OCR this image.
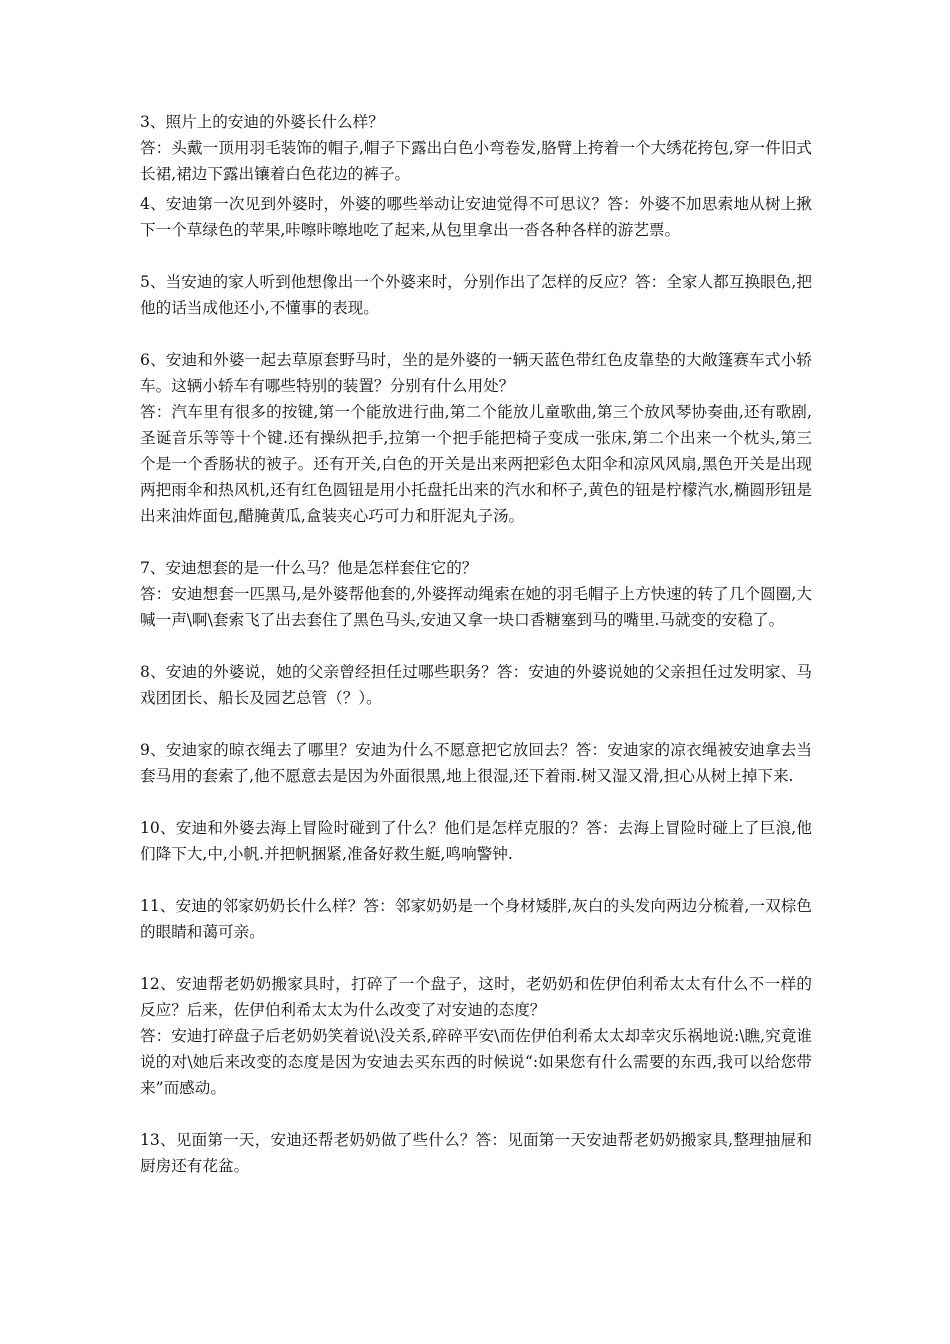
3、照片上的安迪的外婆长什么样？

答：头戴一顶用羽毛装饰的帽子,帽子下露出白色小弯卷发,胳臂上挎着一个大绣花挎包,穿一件旧式长裙,裙边下露出镶着白色花边的裤子。

4、安迪第一次见到外婆时，外婆的哪些举动让安迪觉得不可思议？答：外婆不加思索地从树上揪下一个草绿色的苹果,咔嚓咔嚓地吃了起来,从包里拿出一沓各种各样的游艺票。

5、当安迪的家人听到他想像出一个外婆来时，分别作出了怎样的反应？答：全家人都互换眼色,把他的话当成他还小,不懂事的表现。

6、安迪和外婆一起去草原套野马时，坐的是外婆的一辆天蓝色带红色皮靠垫的大敞篷赛车式小轿车。这辆小轿车有哪些特别的装置？分别有什么用处？

答：汽车里有很多的按键,第一个能放进行曲,第二个能放儿童歌曲,第三个放风琴协奏曲,还有歌剧,圣诞音乐等等十个键.还有操纵把手,拉第一个把手能把椅子变成一张床,第二个出来一个枕头,第三个是一个香肠状的被子。还有开关,白色的开关是出来两把彩色太阳伞和凉风风扇,黑色开关是出现两把雨伞和热风机,还有红色圆钮是用小托盘托出来的汽水和杯子,黄色的钮是柠檬汽水,椭圆形钮是出来油炸面包,醋腌黄瓜,盒装夹心巧可力和肝泥丸子汤。

7、安迪想套的是一什么马？他是怎样套住它的？

答：安迪想套一匹黑马,是外婆帮他套的,外婆挥动绳索在她的羽毛帽子上方快速的转了几个圆圈,大喊一声\啊\套索飞了出去套住了黑色马头,安迪又拿一块口香糖塞到马的嘴里.马就变的安稳了。

8、安迪的外婆说，她的父亲曾经担任过哪些职务？答：安迪的外婆说她的父亲担任过发明家、马戏团团长、船长及园艺总管（？）。

9、安迪家的晾衣绳去了哪里？安迪为什么不愿意把它放回去？答：安迪家的凉衣绳被安迪拿去当套马用的套索了,他不愿意去是因为外面很黑,地上很湿,还下着雨.树又湿又滑,担心从树上掉下来.

10、安迪和外婆去海上冒险时碰到了什么？他们是怎样克服的？答：去海上冒险时碰上了巨浪,他们降下大,中,小帆.并把帆捆紧,准备好救生艇,鸣响警钟.

11、安迪的邻家奶奶长什么样？答：邻家奶奶是一个身材矮胖,灰白的头发向两边分梳着,一双棕色的眼睛和蔼可亲。

12、安迪帮老奶奶搬家具时，打碎了一个盘子，这时，老奶奶和佐伊伯利希太太有什么不一样的反应？后来，佐伊伯利希太太为什么改变了对安迪的态度？

答：安迪打碎盘子后老奶奶笑着说\没关系,碎碎平安\而佐伊伯利希太太却幸灾乐祸地说:\瞧,究竟谁说的对\她后来改变的态度是因为安迪去买东西的时候说“:如果您有什么需要的东西,我可以给您带来”而感动。

13、见面第一天，安迪还帮老奶奶做了些什么？答：见面第一天安迪帮老奶奶搬家具,整理抽屉和厨房还有花盆。
